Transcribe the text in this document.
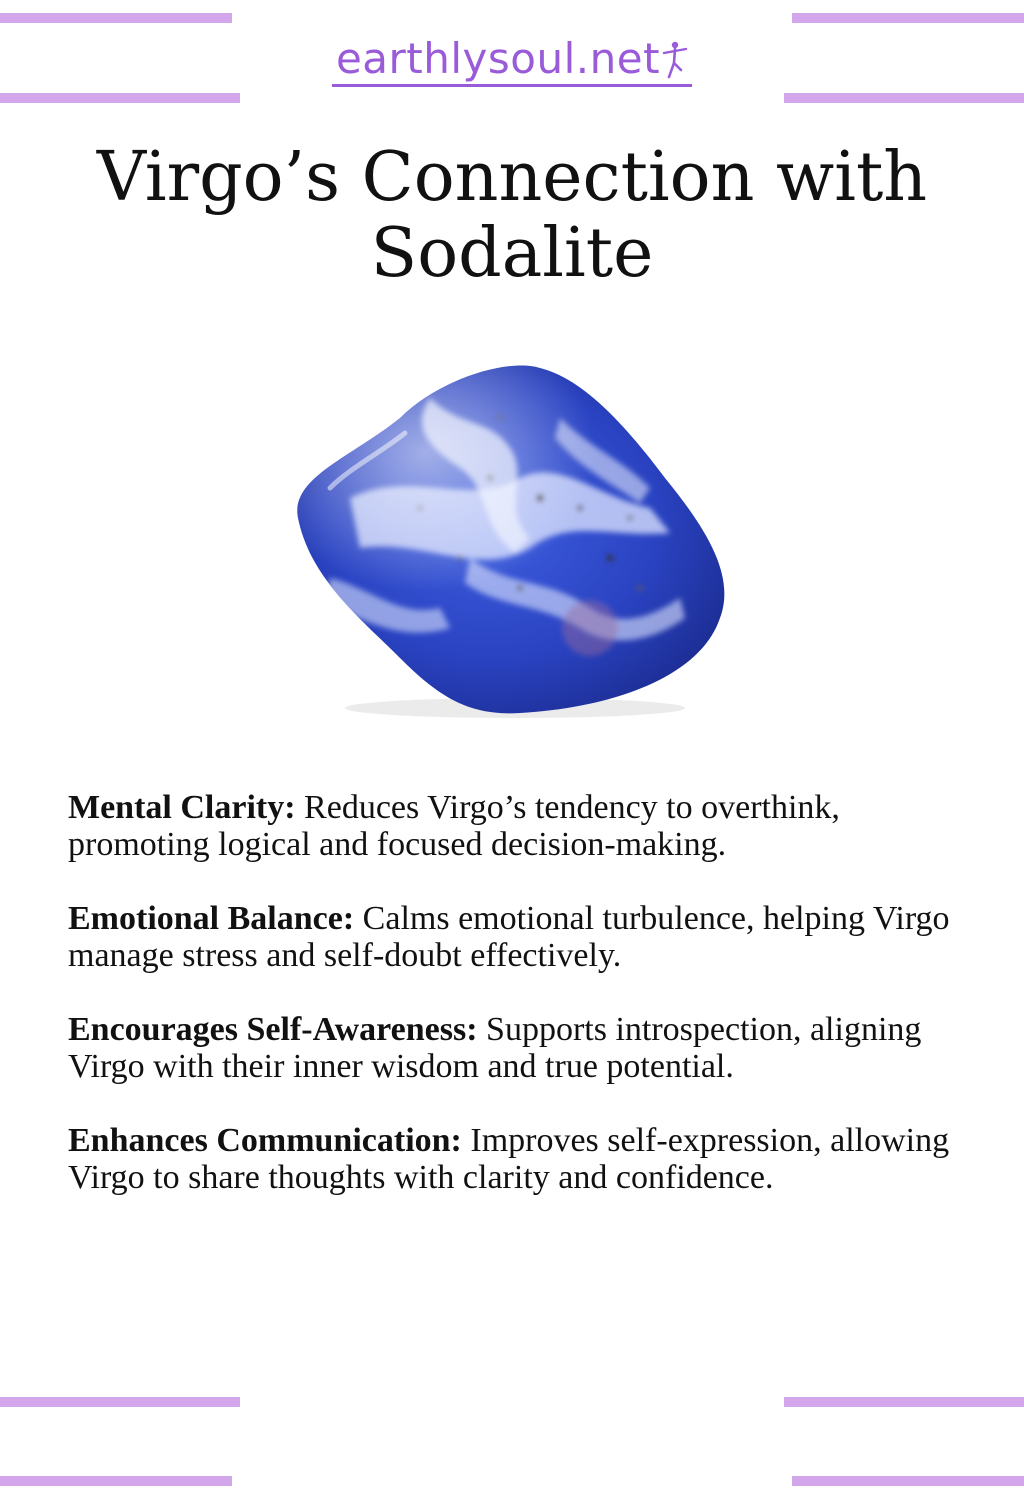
earthlysoul.net
Virgo’s Connection with Sodalite

Mental Clarity: Reduces Virgo’s tendency to overthink, promoting logical and focused decision-making.

Emotional Balance: Calms emotional turbulence, helping Virgo manage stress and self-doubt effectively.

Encourages Self-Awareness: Supports introspection, aligning Virgo with their inner wisdom and true potential.

Enhances Communication: Improves self-expression, allowing Virgo to share thoughts with clarity and confidence.
